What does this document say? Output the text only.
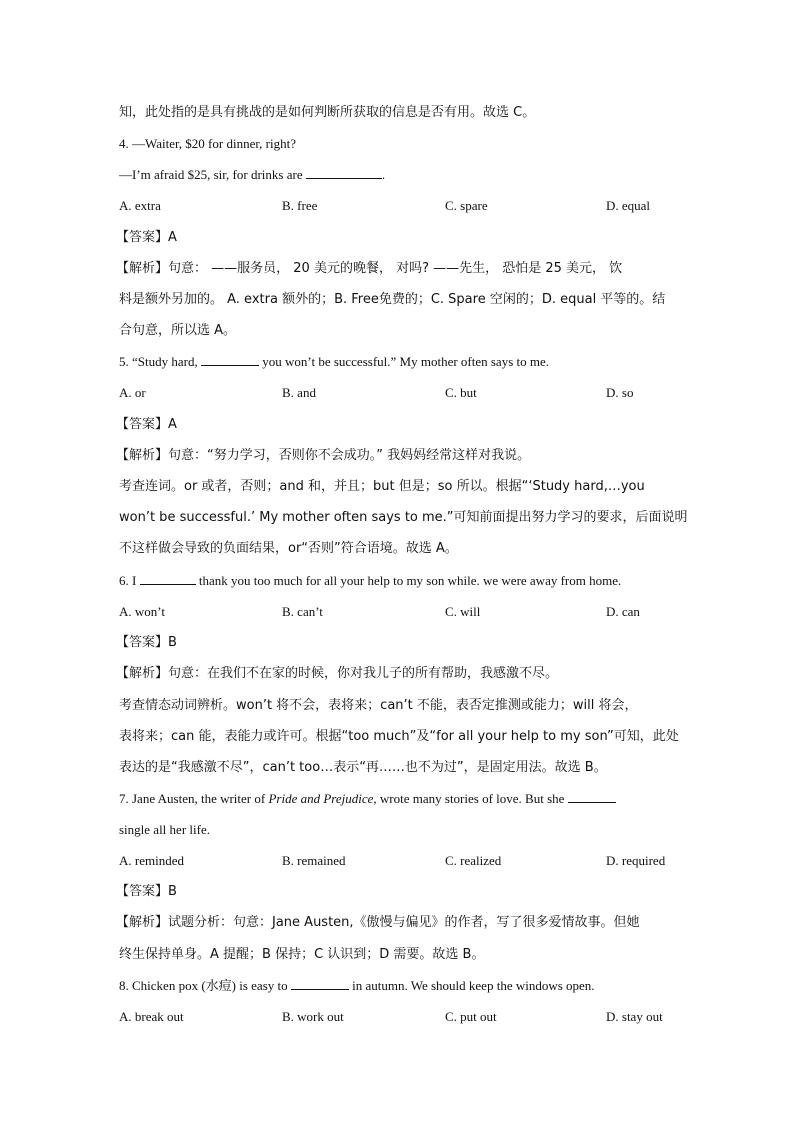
知，此处指的是具有挑战的是如何判断所获取的信息是否有用。故选 C。
4. —Waiter, $20 for dinner, right?
—I’m afraid $25, sir, for drinks are	.
A. extra	B. free	C. spare	D. equal
【答案】A
【解析】句意： ——服务员， 20 美元的晚餐， 对吗? ——先生， 恐怕是 25 美元， 饮
料是额外另加的。 A. extra 额外的；B. Free免费的；C. Spare 空闲的；D. equal 平等的。结
合句意，所以选 A。
5. “Study hard,	you won’t be successful.” My mother often says to me.
A. or	B. and	C. but	D. so
【答案】A
【解析】句意：“努力学习，否则你不会成功。” 我妈妈经常这样对我说。
考查连词。or 或者，否则；and 和，并且；but 但是；so 所以。根据“‘Study hard,…you
won’t be successful.’ My mother often says to me.”可知前面提出努力学习的要求，后面说明
不这样做会导致的负面结果，or“否则”符合语境。故选 A。
6. I	thank you too much for all your help to my son while. we were away from home.
A. won’t	B. can’t	C. will	D. can
【答案】B
【解析】句意：在我们不在家的时候，你对我儿子的所有帮助，我感激不尽。
考查情态动词辨析。won’t 将不会，表将来；can’t 不能，表否定推测或能力；will 将会，
表将来；can 能，表能力或许可。根据“too much”及“for all your help to my son”可知，此处
表达的是“我感激不尽”，can’t too…表示“再……也不为过”，是固定用法。故选 B。
7. Jane Austen, the writer of Pride and Prejudice, wrote many stories of love. But she
single all her life.
A. reminded	B. remained	C. realized	D. required
【答案】B
【解析】试题分析：句意：Jane Austen,《傲慢与偏见》的作者，写了很多爱情故事。但她
终生保持单身。A 提醒；B 保持；C 认识到；D 需要。故选 B。
8. Chicken pox (水痘) is easy to	in autumn. We should keep the windows open.
A. break out	B. work out	C. put out	D. stay out
